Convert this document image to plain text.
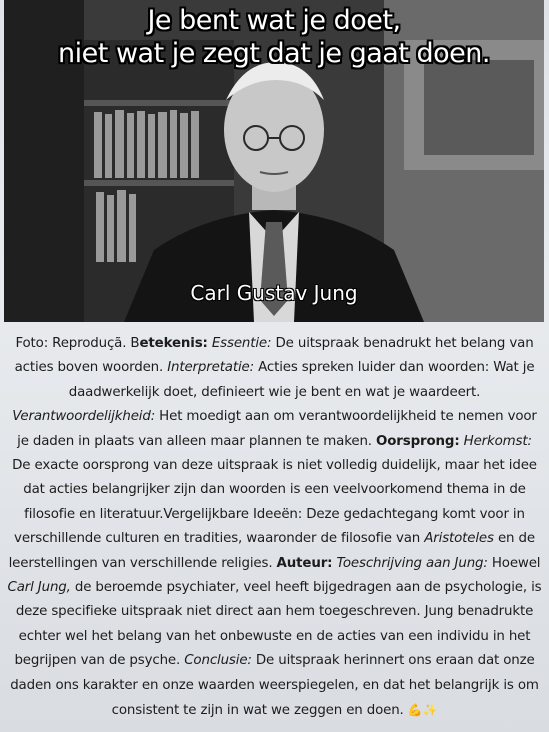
Je bent wat je doet,
niet wat je zegt dat je gaat doen.
Carl Gustav Jung
Foto: Reproduçã. Betekenis: Essentie: De uitspraak benadrukt het belang van acties boven woorden. Interpretatie: Acties spreken luider dan woorden: Wat je daadwerkelijk doet, definieert wie je bent en wat je waardeert. Verantwoordelijkheid: Het moedigt aan om verantwoordelijkheid te nemen voor je daden in plaats van alleen maar plannen te maken. Oorsprong: Herkomst: De exacte oorsprong van deze uitspraak is niet volledig duidelijk, maar het idee dat acties belangrijker zijn dan woorden is een veelvoorkomend thema in de filosofie en literatuur.Vergelijkbare Ideeën: Deze gedachtegang komt voor in verschillende culturen en tradities, waaronder de filosofie van Aristoteles en de leerstellingen van verschillende religies. Auteur: Toeschrijving aan Jung: Hoewel Carl Jung, de beroemde psychiater, veel heeft bijgedragen aan de psychologie, is deze specifieke uitspraak niet direct aan hem toegeschreven. Jung benadrukte echter wel het belang van het onbewuste en de acties van een individu in het begrijpen van de psyche. Conclusie: De uitspraak herinnert ons eraan dat onze daden ons karakter en onze waarden weerspiegelen, en dat het belangrijk is om consistent te zijn in wat we zeggen en doen. 💪✨
